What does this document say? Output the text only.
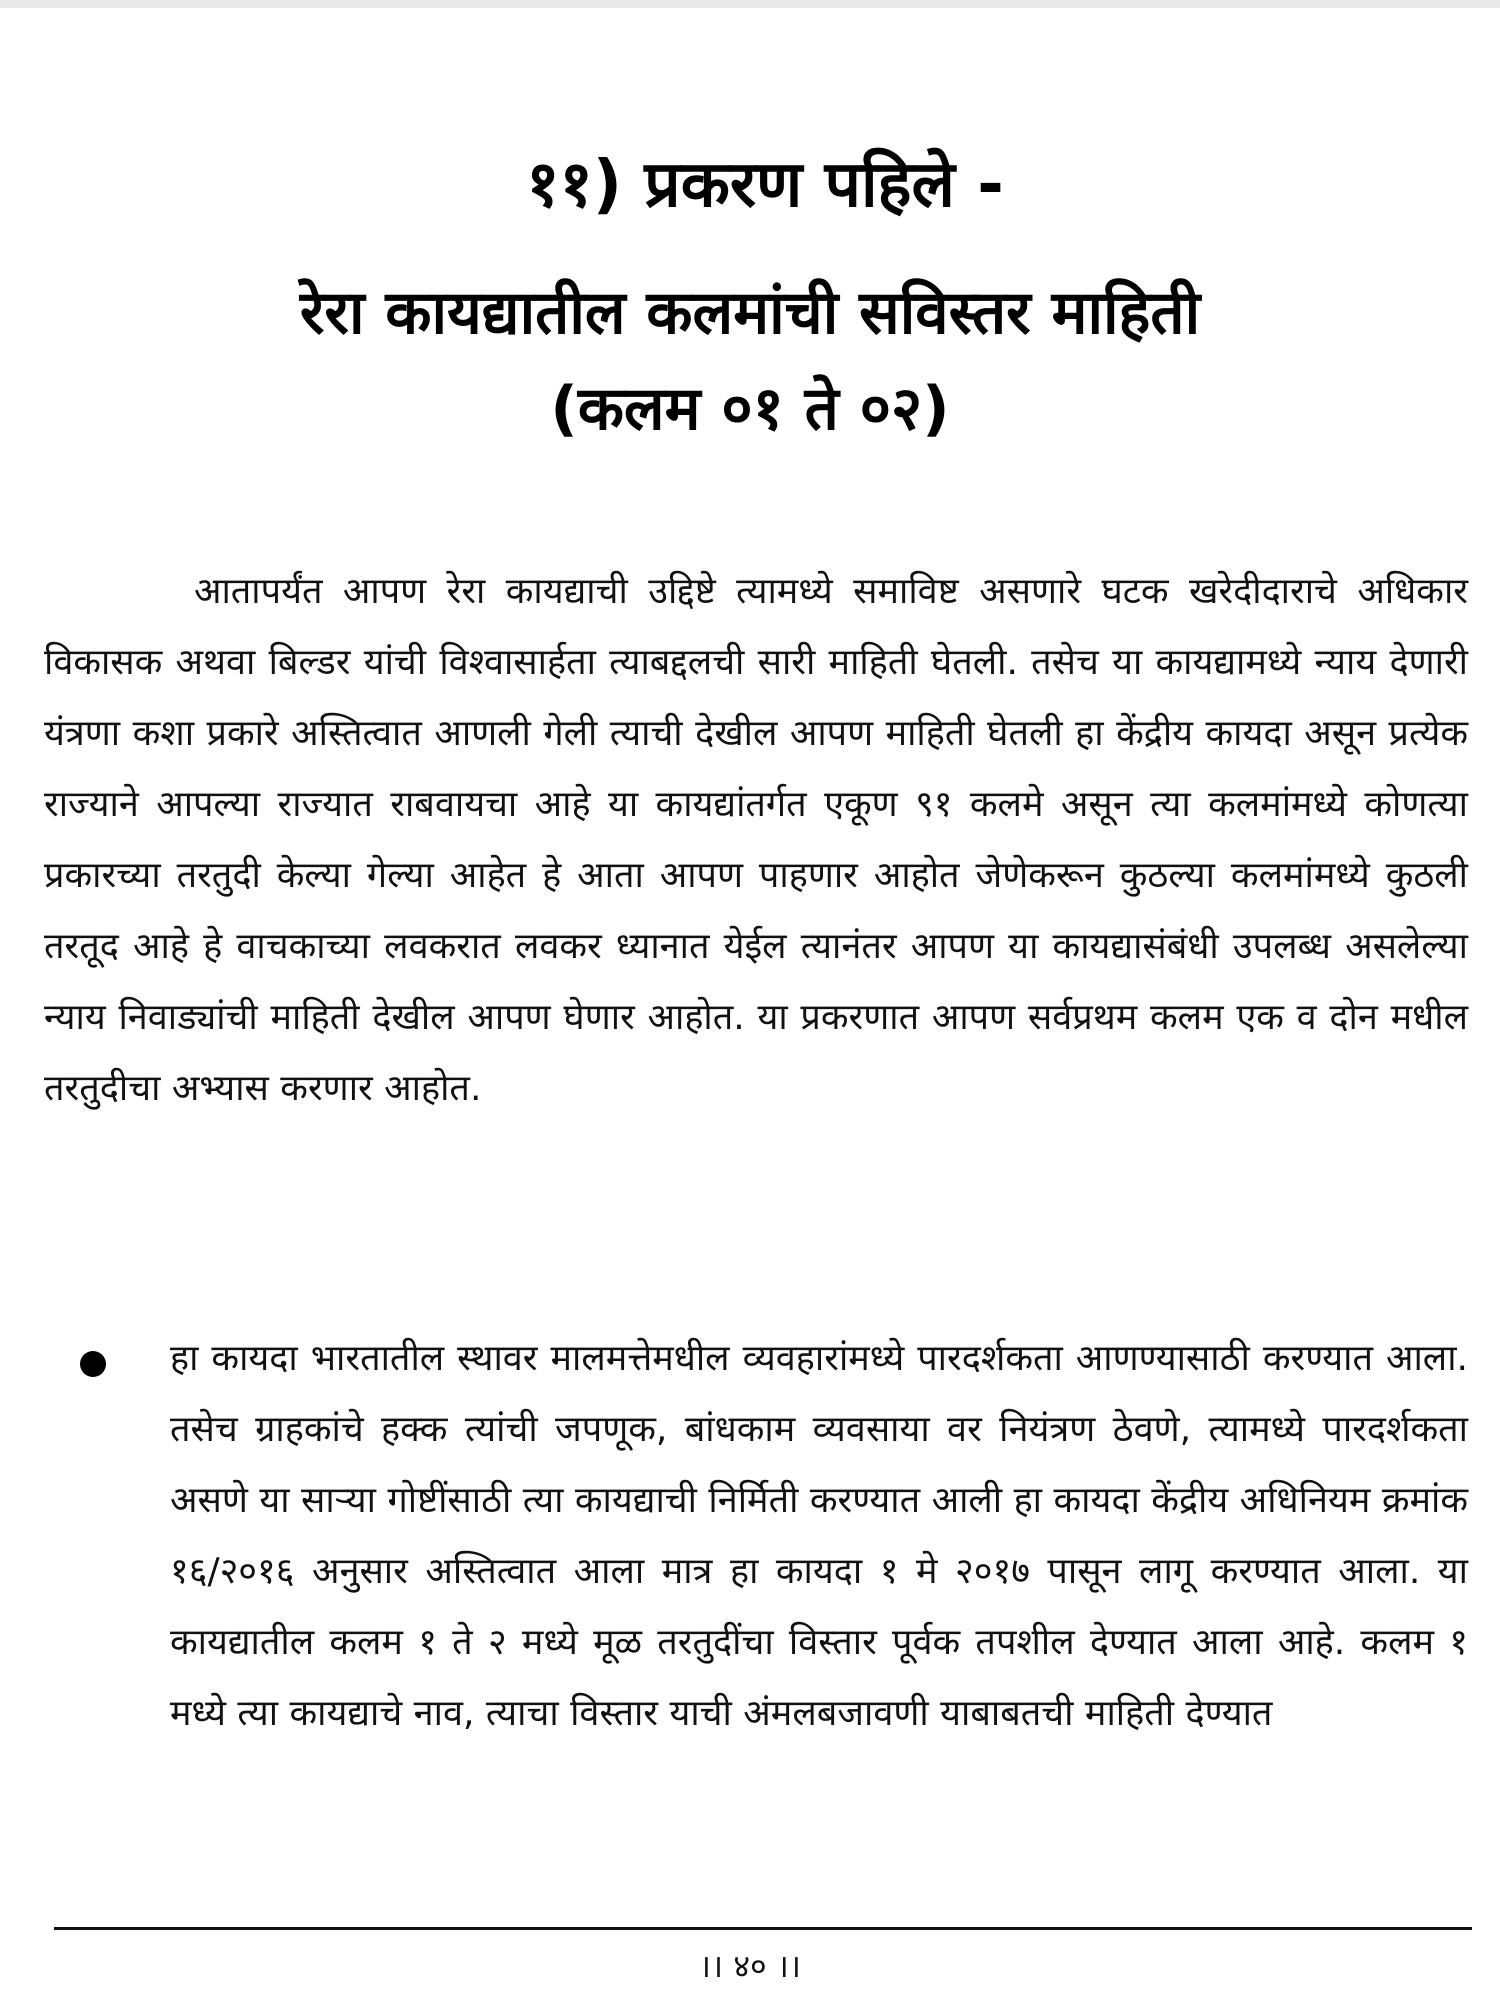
११) प्रकरण पहिले -
रेरा कायद्यातील कलमांची सविस्तर माहिती
(कलम ०१ ते ०२)
आतापर्यंत आपण रेरा कायद्याची उद्दिष्टे त्यामध्ये समाविष्ट असणारे घटक खरेदीदाराचे अधिकार विकासक अथवा बिल्डर यांची विश्वासार्हता त्याबद्दलची सारी माहिती घेतली. तसेच या कायद्यामध्ये न्याय देणारी यंत्रणा कशा प्रकारे अस्तित्वात आणली गेली त्याची देखील आपण माहिती घेतली हा केंद्रीय कायदा असून प्रत्येक राज्याने आपल्या राज्यात राबवायचा आहे या कायद्यांतर्गत एकूण ९१ कलमे असून त्या कलमांमध्ये कोणत्या प्रकारच्या तरतुदी केल्या गेल्या आहेत हे आता आपण पाहणार आहोत जेणेकरून कुठल्या कलमांमध्ये कुठली तरतूद आहे हे वाचकाच्या लवकरात लवकर ध्यानात येईल त्यानंतर आपण या कायद्यासंबंधी उपलब्ध असलेल्या न्याय निवाड्यांची माहिती देखील आपण घेणार आहोत. या प्रकरणात आपण सर्वप्रथम कलम एक व दोन मधील तरतुदीचा अभ्यास करणार आहोत.
हा कायदा भारतातील स्थावर मालमत्तेमधील व्यवहारांमध्ये पारदर्शकता आणण्यासाठी करण्यात आला. तसेच ग्राहकांचे हक्क त्यांची जपणूक, बांधकाम व्यवसाया वर नियंत्रण ठेवणे, त्यामध्ये पारदर्शकता असणे या साऱ्या गोष्टींसाठी त्या कायद्याची निर्मिती करण्यात आली हा कायदा केंद्रीय अधिनियम क्रमांक १६/२०१६ अनुसार अस्तित्वात आला मात्र हा कायदा १ मे २०१७ पासून लागू करण्यात आला. या कायद्यातील कलम १ ते २ मध्ये मूळ तरतुदींचा विस्तार पूर्वक तपशील देण्यात आला आहे. कलम १ मध्ये त्या कायद्याचे नाव, त्याचा विस्तार याची अंमलबजावणी याबाबतची माहिती देण्यात
।। ४० ।।
